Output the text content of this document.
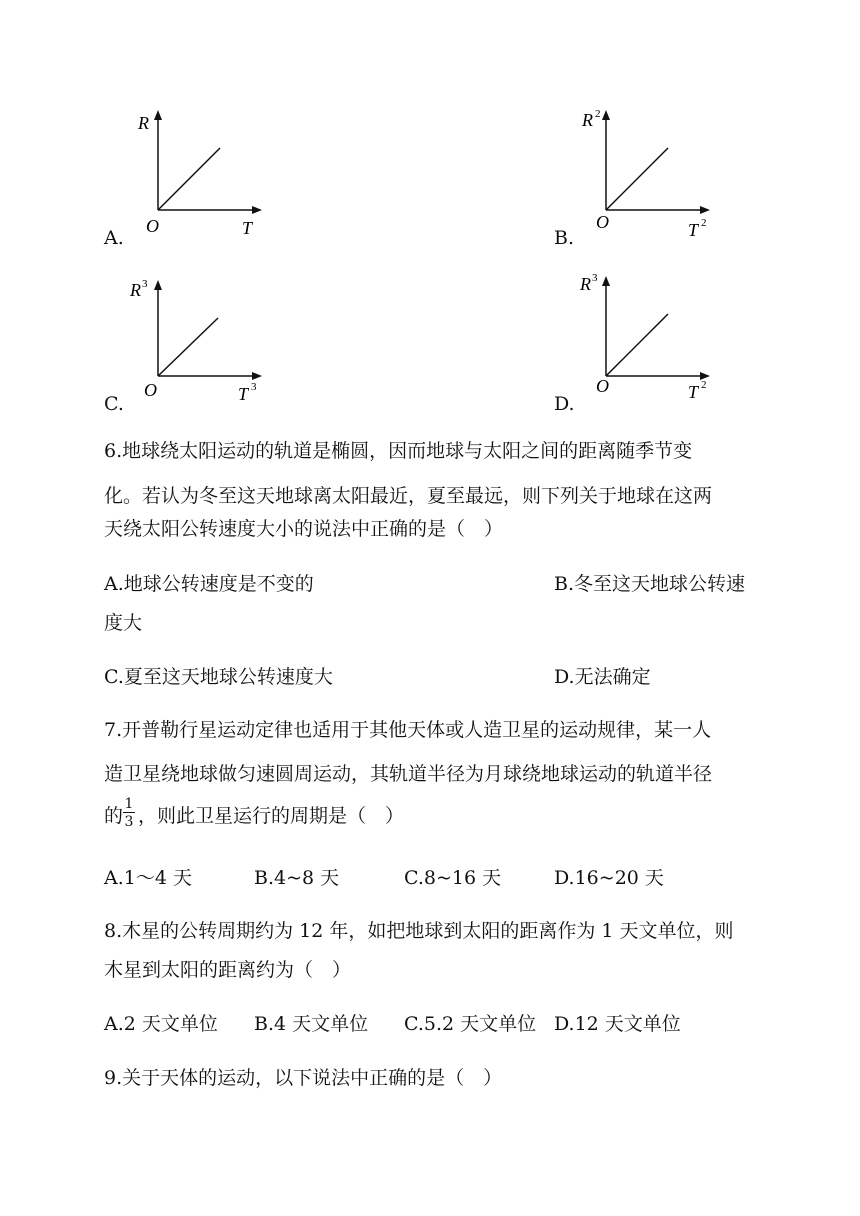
A.
R
O	T	B.
R 2
O	T 2
C.
R 3
O	T 3
D.
R 3
O	T 2
6.地球绕太阳运动的轨道是椭圆，因而地球与太阳之间的距离随季节变
化。若认为冬至这天地球离太阳最近，夏至最远，则下列关于地球在这两
天绕太阳公转速度大小的说法中正确的是（　）
A.地球公转速度是不变的	B.冬至这天地球公转速
度大
C.夏至这天地球公转速度大	D.无法确定
7.开普勒行星运动定律也适用于其他天体或人造卫星的运动规律，某一人
造卫星绕地球做匀速圆周运动，其轨道半径为月球绕地球运动的轨道半径
的
1
3 ，则此卫星运行的周期是（　）
A.1～4 天	B.4~8 天	C.8~16 天	D.16~20 天
8.木星的公转周期约为 12 年，如把地球到太阳的距离作为 1 天文单位，则
木星到太阳的距离约为（　）
A.2 天文单位 B.4 天文单位 C.5.2 天文单位 D.12 天文单位
9.关于天体的运动，以下说法中正确的是（　）
